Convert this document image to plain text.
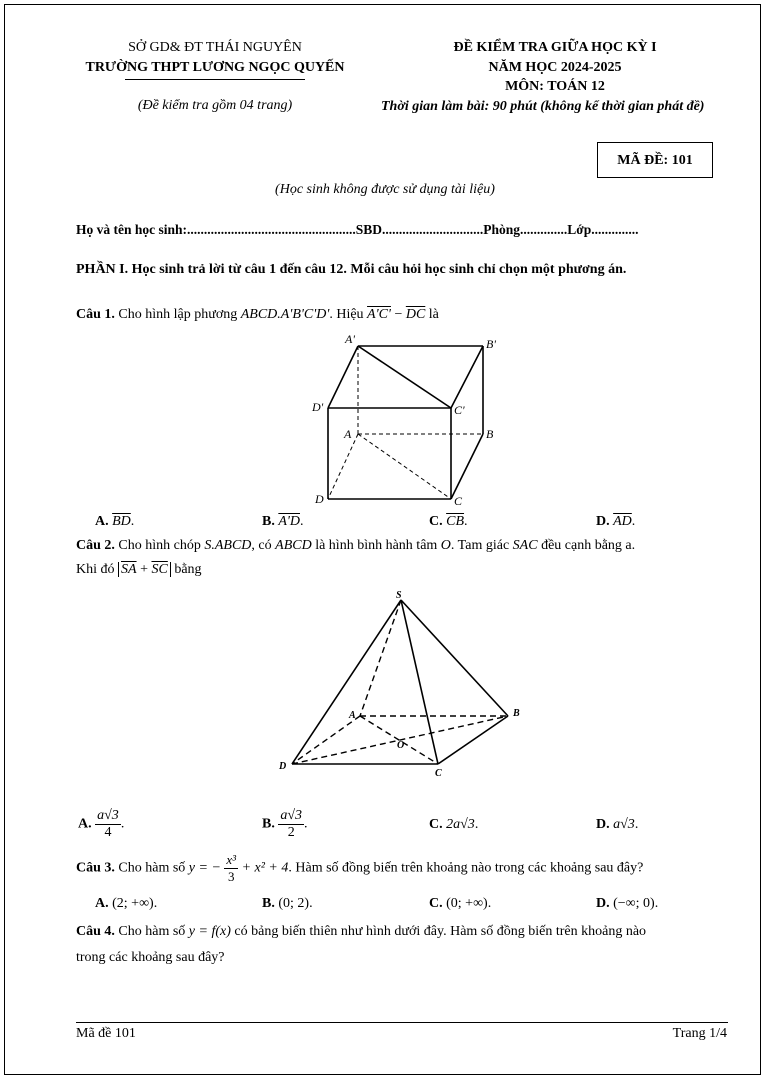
SỞ GD& ĐT THÁI NGUYÊN
TRƯỜNG THPT LƯƠNG NGỌC QUYẾN
(Đề kiểm tra gồm 04 trang)
ĐỀ KIỂM TRA GIỮA HỌC KỲ I
NĂM HỌC 2024-2025
MÔN: TOÁN 12
Thời gian làm bài: 90 phút (không kể thời gian phát đề)
MÃ ĐỀ: 101
(Học sinh không được sử dụng tài liệu)
Họ và tên học sinh:..................................................SBD..............................Phòng..............Lớp..............
PHẦN I. Học sinh trả lời từ câu 1 đến câu 12. Mỗi câu hỏi học sinh chỉ chọn một phương án.
Câu 1. Cho hình lập phương ABCD.A'B'C'D'. Hiệu $A'C' - \overline{DC}$ là
A'	B'
D'	C'
A	B
D	C
A. $\overline{BD}$.	B. A'D.	C. $\overline{CB}$.	D. $\overline{AD}$.
Câu 2. Cho hình chóp S.ABCD, có ABCD là hình bình hành tâm O. Tam giác SAC đều cạnh bằng a.
Khi đó $\overline{SA} + \overline{SC}$ bằng
S
A	B
O
D
C
A. $\frac{a√3}{4}$ .	B. $\frac{a√3}{2}$ .	C. 2a√3.	D. a√3.
Câu 3. Cho hàm số y = − $\frac{\text{x³}}{3} + x^2 + 4$. Hàm số đồng biến trên khoảng nào trong các khoảng sau đây?
A. (2; +∞).	B. (0; 2).	C. (0; +∞).	D. (−∞; 0).
Câu 4. Cho hàm số y = f(x) có bảng biến thiên như hình dưới đây. Hàm số đồng biến trên khoảng nào
trong các khoảng sau đây?
Mã đề 101	Trang 1/4
